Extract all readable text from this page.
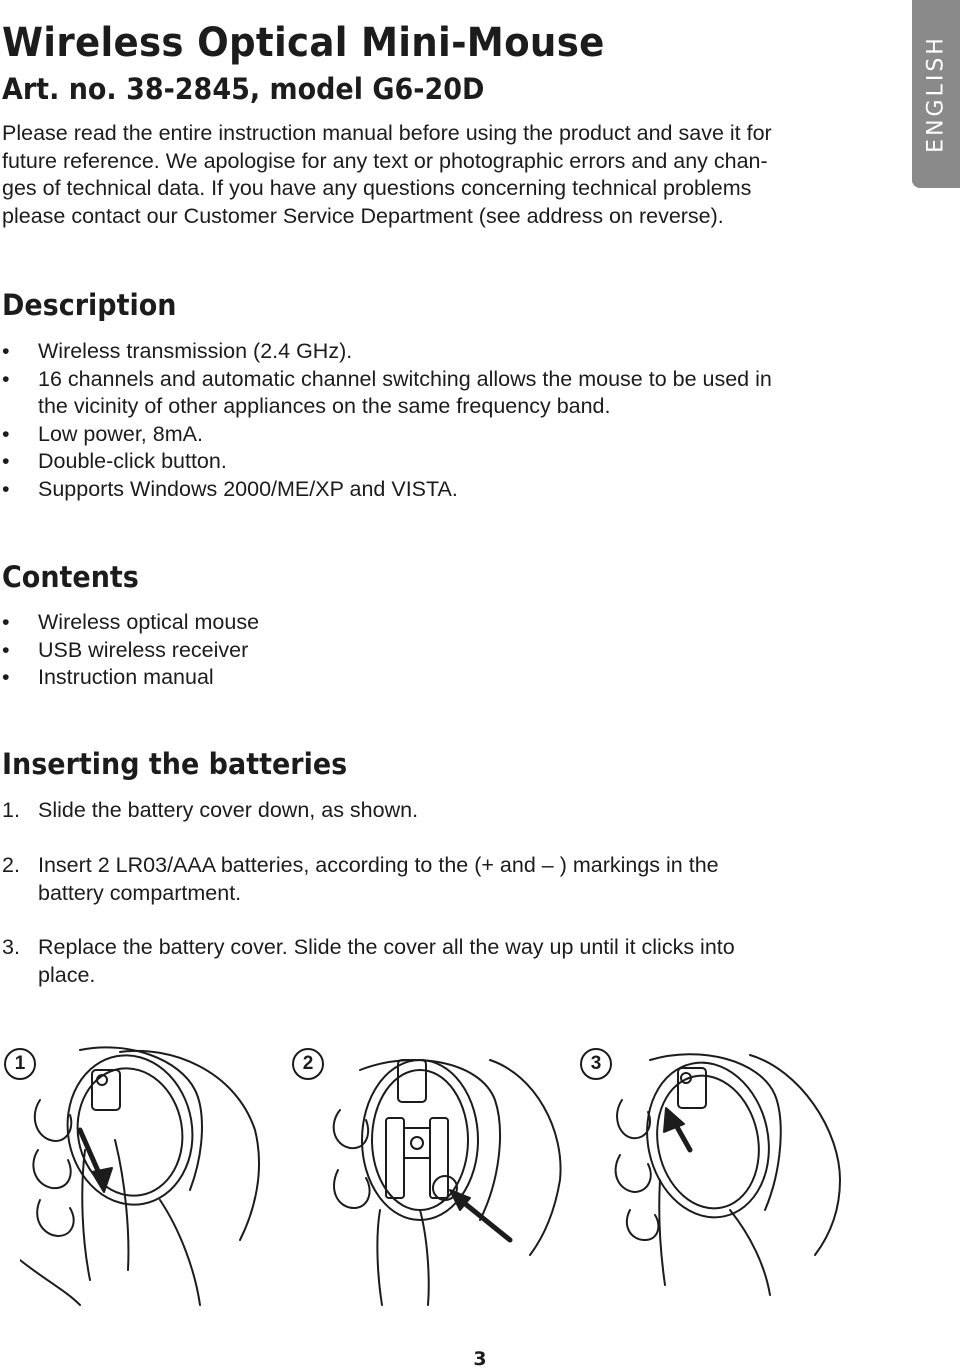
Wireless Optical Mini-Mouse
Art. no. 38-2845, model G6-20D	ENGLISH
Please read the entire instruction manual before using the product and save it for
future reference. We apologise for any text or photographic errors and any chan-
ges of technical data. If you have any questions concerning technical problems
please contact our Customer Service Department (see address on reverse).
Description
• Wireless transmission (2.4 GHz).
• 16 channels and automatic channel switching allows the mouse to be used in
the vicinity of other appliances on the same frequency band.
• Low power, 8mA.
• Double-click button.
• Supports Windows 2000/ME/XP and VISTA.
Contents
• Wireless optical mouse
• USB wireless receiver
• Instruction manual
Inserting the batteries
1. Slide the battery cover down, as shown.
2. Insert 2 LR03/AAA batteries, according to the (+ and – ) markings in the
battery compartment.
3. Replace the battery cover. Slide the cover all the way up until it clicks into
place.
1	2	3
3
